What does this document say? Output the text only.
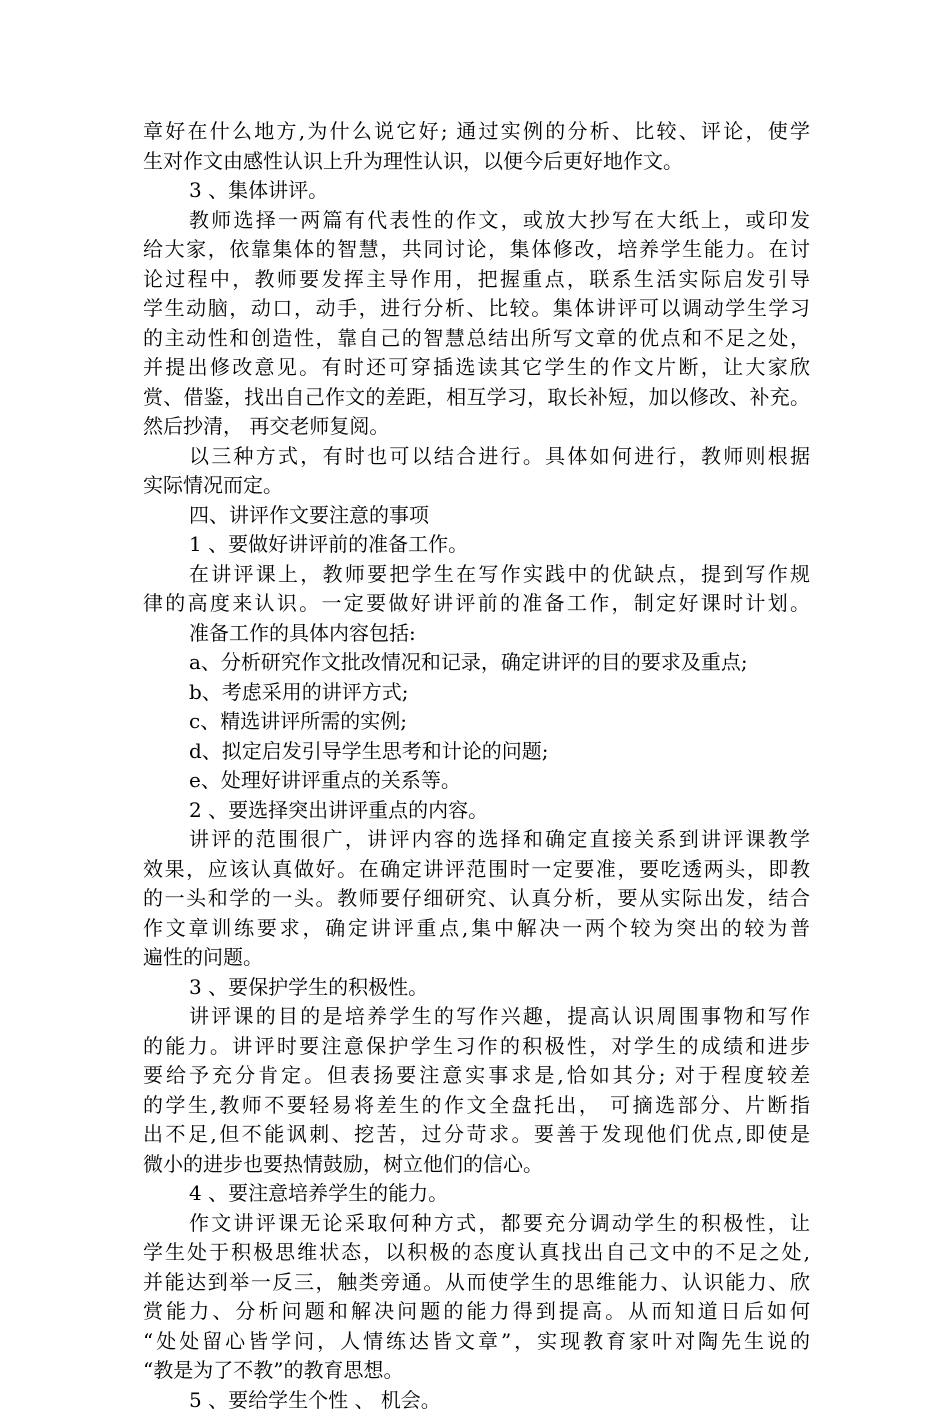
章好在什么地方,为什么说它好; 通过实例的分析、比较、评论，使学
生对作文由感性认识上升为理性认识，以便今后更好地作文。
3 、集体讲评。
教师选择一两篇有代表性的作文，或放大抄写在大纸上，或印发
给大家，依靠集体的智慧，共同讨论，集体修改，培养学生能力。在讨
论过程中，教师要发挥主导作用，把握重点，联系生活实际启发引导
学生动脑，动口，动手，进行分析、比较。集体讲评可以调动学生学习
的主动性和创造性，靠自己的智慧总结出所写文章的优点和不足之处，
并提出修改意见。有时还可穿插选读其它学生的作文片断，让大家欣
赏、借鉴，找出自己作文的差距，相互学习，取长补短，加以修改、补充。
然后抄清， 再交老师复阅。
以三种方式，有时也可以结合进行。具体如何进行，教师则根据
实际情况而定。
四、讲评作文要注意的事项
1 、要做好讲评前的准备工作。
在讲评课上，教师要把学生在写作实践中的优缺点，提到写作规
律的高度来认识。一定要做好讲评前的准备工作，制定好课时计划。
准备工作的具体内容包括:
a、分析研究作文批改情况和记录，确定讲评的目的要求及重点;
b、考虑采用的讲评方式;
c、精选讲评所需的实例;
d、拟定启发引导学生思考和计论的问题;
e、处理好讲评重点的关系等。
2 、要选择突出讲评重点的内容。
讲评的范围很广，讲评内容的选择和确定直接关系到讲评课教学
效果，应该认真做好。在确定讲评范围时一定要准，要吃透两头，即教
的一头和学的一头。教师要仔细研究、认真分析，要从实际出发，结合
作文章训练要求，确定讲评重点,集中解决一两个较为突出的较为普
遍性的问题。
3 、要保护学生的积极性。
讲评课的目的是培养学生的写作兴趣，提高认识周围事物和写作
的能力。讲评时要注意保护学生习作的积极性，对学生的成绩和进步
要给予充分肯定。但表扬要注意实事求是,恰如其分; 对于程度较差
的学生,教师不要轻易将差生的作文全盘托出， 可摘选部分、片断指
出不足,但不能讽刺、挖苦，过分苛求。要善于发现他们优点,即使是
微小的进步也要热情鼓励，树立他们的信心。
4 、要注意培养学生的能力。
作文讲评课无论采取何种方式，都要充分调动学生的积极性，让
学生处于积极思维状态，以积极的态度认真找出自己文中的不足之处,
并能达到举一反三，触类旁通。从而使学生的思维能力、认识能力、欣
赏能力、分析问题和解决问题的能力得到提高。从而知道日后如何
“处处留心皆学问，人情练达皆文章”，实现教育家叶对陶先生说的
“教是为了不教”的教育思想。
5 、要给学生个性 、 机会。
